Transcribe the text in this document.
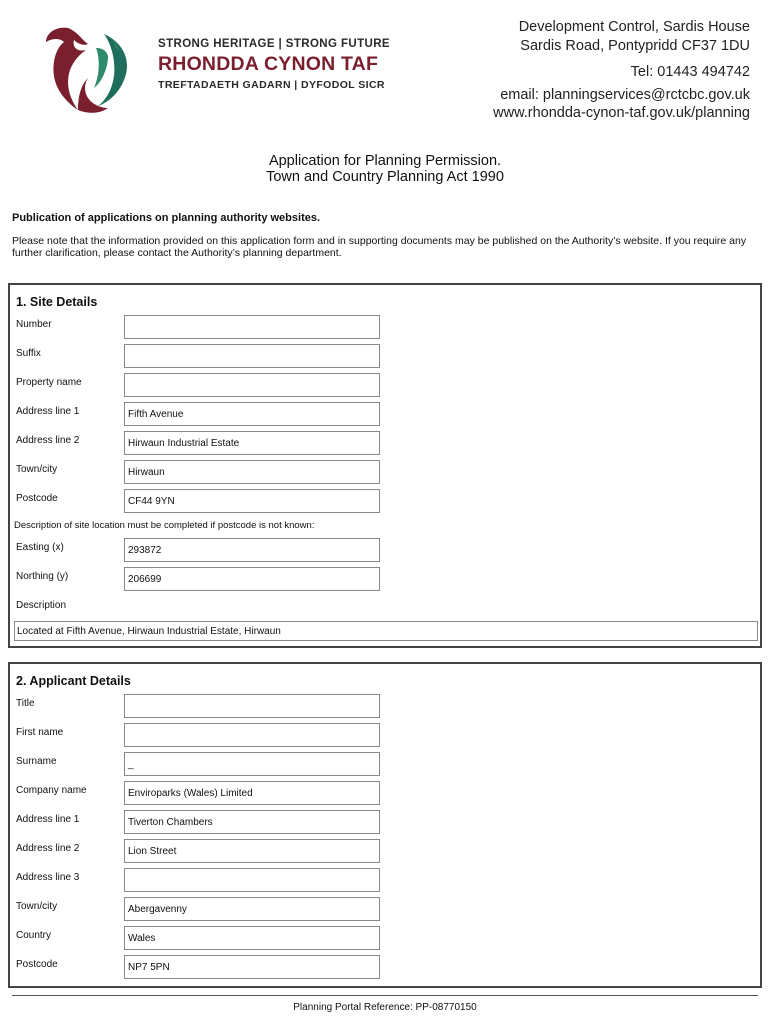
STRONG HERITAGE | STRONG FUTURE
RHONDDA CYNON TAF
TREFTADAETH GADARN | DYFODOL SICR
Development Control, Sardis House
Sardis Road, Pontypridd CF37 1DU
Tel: 01443 494742
email: planningservices@rctcbc.gov.uk
www.rhondda-cynon-taf.gov.uk/planning
Application for Planning Permission.
Town and Country Planning Act 1990
Publication of applications on planning authority websites.
Please note that the information provided on this application form and in supporting documents may be published on the Authority’s website. If you require any further clarification, please contact the Authority’s planning department.
1. Site Details
Number
Suffix
Property name
Address line 1	Fifth Avenue
Address line 2	Hirwaun Industrial Estate
Town/city	Hirwaun
Postcode	CF44 9YN
Description of site location must be completed if postcode is not known:
Easting (x)	293872
Northing (y)	206699
Description
Located at Fifth Avenue, Hirwaun Industrial Estate, Hirwaun
2. Applicant Details
Title
First name
Surname	_
Company name	Enviroparks (Wales) Limited
Address line 1	Tiverton Chambers
Address line 2	Lion Street
Address line 3
Town/city	Abergavenny
Country	Wales
Postcode	NP7 5PN
Planning Portal Reference: PP-08770150
